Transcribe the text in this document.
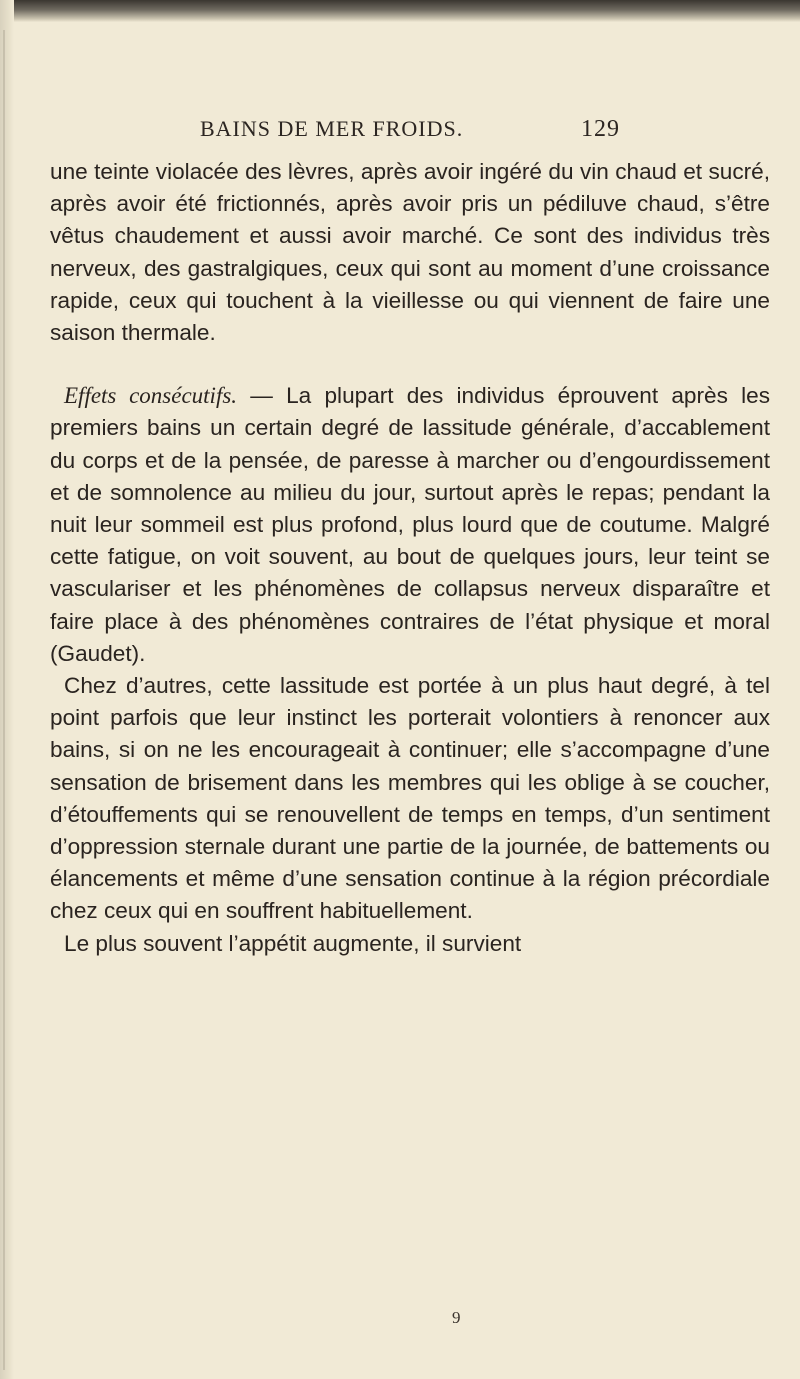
BAINS DE MER FROIDS.	129

une teinte violacée des lèvres, après avoir ingéré du vin chaud et sucré, après avoir été frictionnés, après avoir pris un pédiluve chaud, s’être vêtus chaudement et aussi avoir marché. Ce sont des individus très nerveux, des gastralgiques, ceux qui sont au moment d’une croissance rapide, ceux qui touchent à la vieillesse ou qui viennent de faire une saison thermale.

Effets consécutifs. — La plupart des individus éprouvent après les premiers bains un certain degré de lassitude générale, d’accablement du corps et de la pensée, de paresse à marcher ou d’engourdissement et de somnolence au milieu du jour, surtout après le repas; pendant la nuit leur sommeil est plus profond, plus lourd que de coutume. Malgré cette fatigue, on voit souvent, au bout de quelques jours, leur teint se vasculariser et les phénomènes de collapsus nerveux disparaître et faire place à des phénomènes contraires de l’état physique et moral (Gaudet).

Chez d’autres, cette lassitude est portée à un plus haut degré, à tel point parfois que leur instinct les porterait volontiers à renoncer aux bains, si on ne les encourageait à continuer; elle s’accompagne d’une sensation de brisement dans les membres qui les oblige à se coucher, d’étouffements qui se renouvellent de temps en temps, d’un sentiment d’oppression sternale durant une partie de la journée, de battements ou élancements et même d’une sensation continue à la région précordiale chez ceux qui en souffrent habituellement.

Le plus souvent l’appétit augmente, il survient

9
